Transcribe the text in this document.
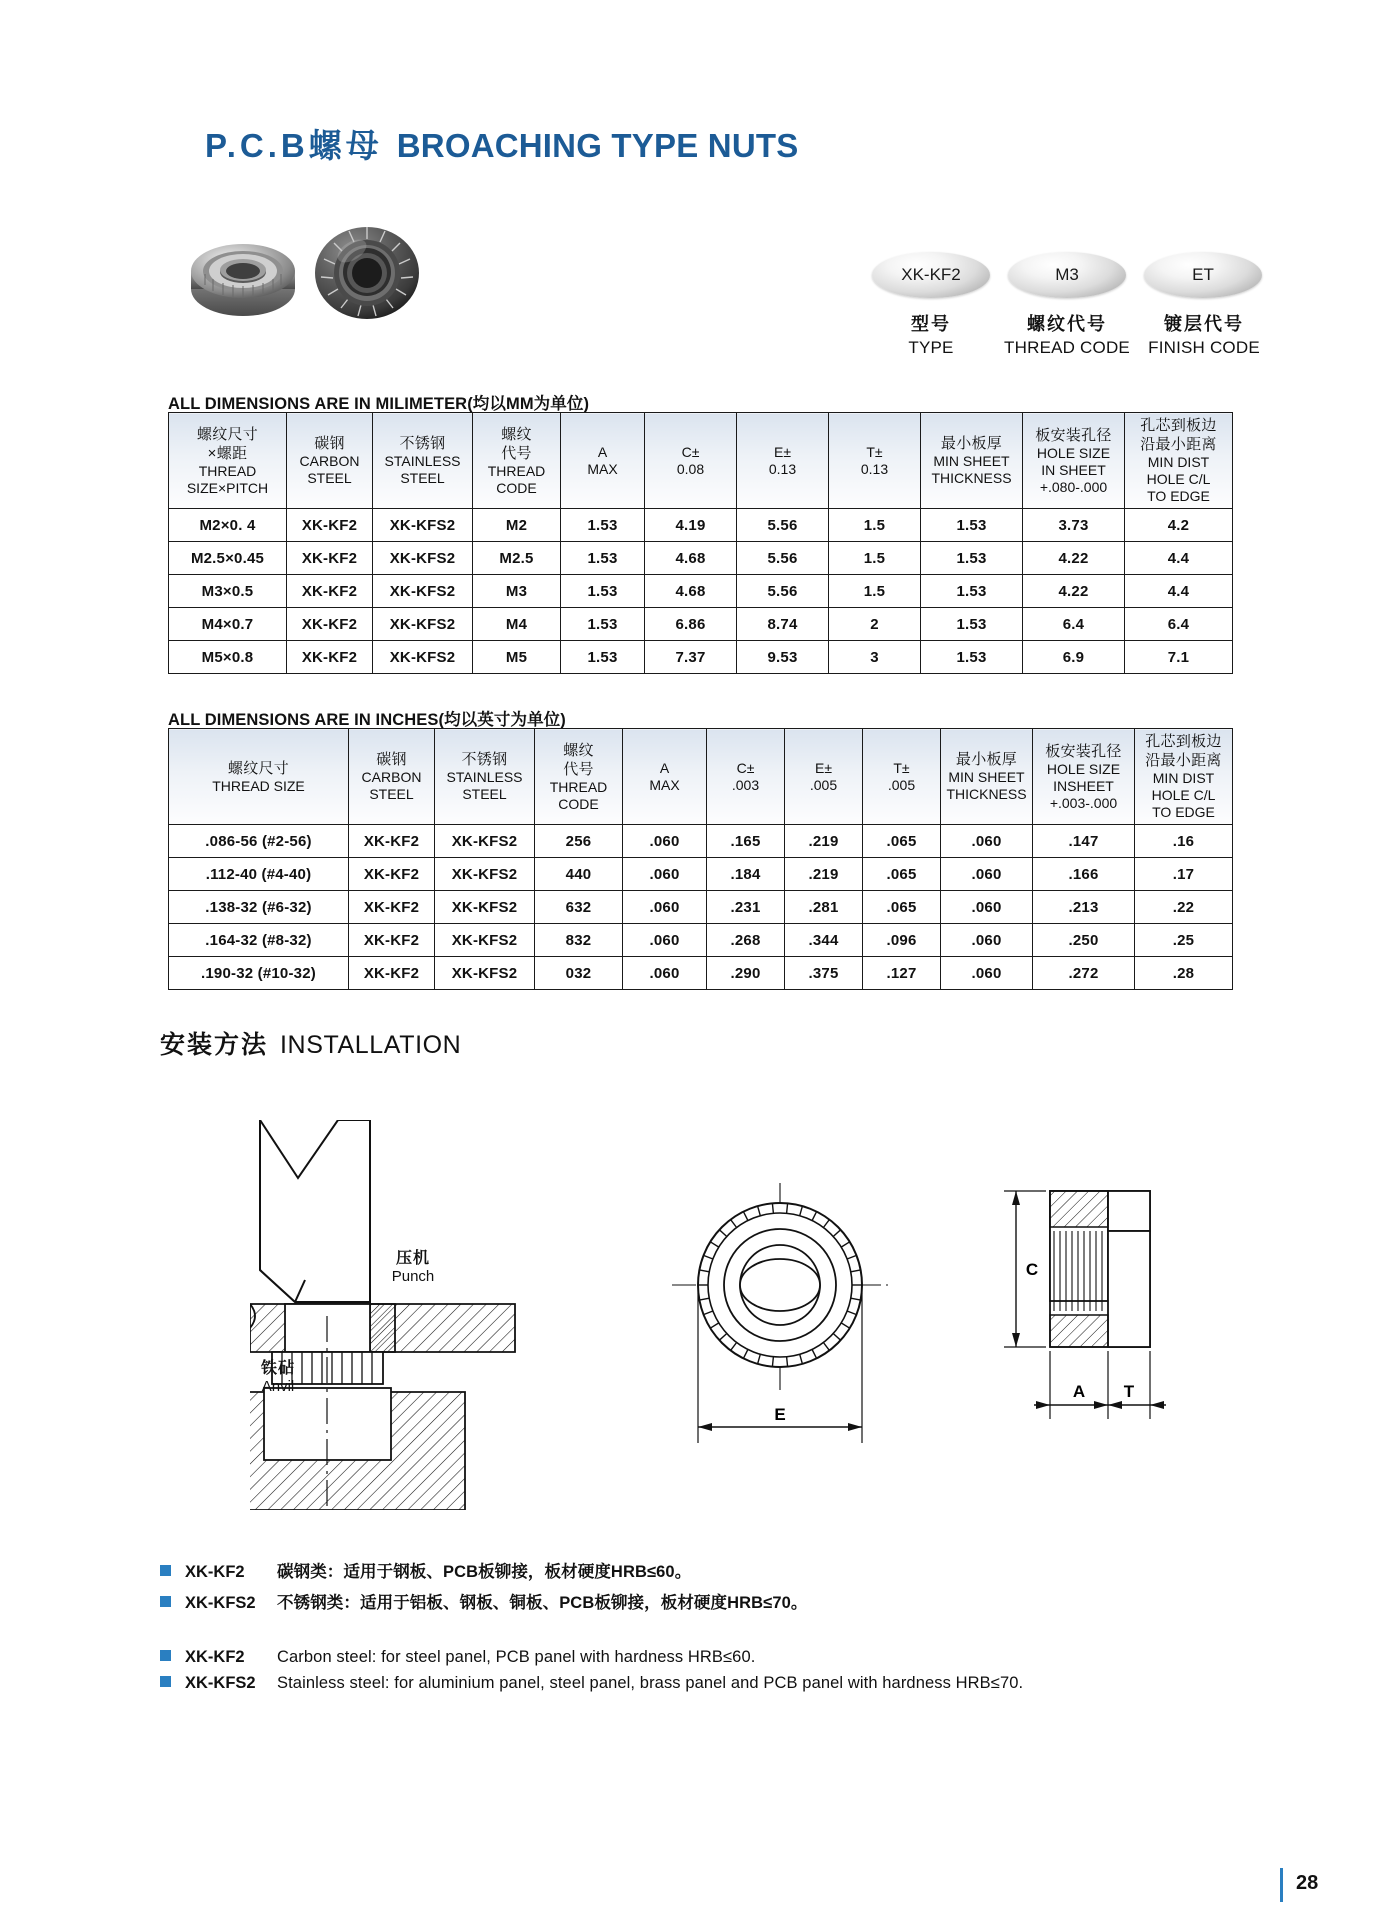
P.C.B螺母 BROACHING TYPE NUTS
XK-KF2	M3	ET
型号
TYPE
螺纹代号
THREAD CODE
镀层代号
FINISH CODE
ALL DIMENSIONS ARE IN MILIMETER(均以MM为单位)
螺纹尺寸
×螺距
THREAD
SIZE×PITCH	碳钢
CARBON
STEEL	不锈钢
STAINLESS
STEEL	螺纹
代号
THREAD
CODE	A
MAX	C±
0.08	E±
0.13	T±
0.13	最小板厚
MIN SHEET
THICKNESS	板安装孔径
HOLE SIZE
IN SHEET
+.080-.000	孔芯到板边
沿最小距离
MIN DIST
HOLE C/L
TO EDGE

M2×0. 4	XK-KF2	XK-KFS2	M2	1.53	4.19	5.56	1.5	1.53	3.73	4.2
M2.5×0.45	XK-KF2	XK-KFS2	M2.5	1.53	4.68	5.56	1.5	1.53	4.22	4.4
M3×0.5	XK-KF2	XK-KFS2	M3	1.53	4.68	5.56	1.5	1.53	4.22	4.4
M4×0.7	XK-KF2	XK-KFS2	M4	1.53	6.86	8.74	2	1.53	6.4	6.4
M5×0.8	XK-KF2	XK-KFS2	M5	1.53	7.37	9.53	3	1.53	6.9	7.1
ALL DIMENSIONS ARE IN INCHES(均以英寸为单位)
螺纹尺寸
THREAD SIZE	碳钢
CARBON
STEEL	不锈钢
STAINLESS
STEEL	螺纹
代号
THREAD
CODE	A
MAX	C±
.003	E±
.005	T±
.005	最小板厚
MIN SHEET
THICKNESS	板安装孔径
HOLE SIZE
INSHEET
+.003-.000	孔芯到板边
沿最小距离
MIN DIST
HOLE C/L
TO EDGE

.086-56 (#2-56)	XK-KF2	XK-KFS2	256	.060	.165	.219	.065	.060	.147	.16
.112-40 (#4-40)	XK-KF2	XK-KFS2	440	.060	.184	.219	.065	.060	.166	.17
.138-32 (#6-32)	XK-KF2	XK-KFS2	632	.060	.231	.281	.065	.060	.213	.22
.164-32 (#8-32)	XK-KF2	XK-KFS2	832	.060	.268	.344	.096	.060	.250	.25
.190-32 (#10-32)	XK-KF2	XK-KFS2	032	.060	.290	.375	.127	.060	.272	.28
安装方法 INSTALLATION
压机
Punch
铁砧
Anvil
E
C
A T
XK-KF2	碳钢类：适用于钢板、PCB板铆接，板材硬度HRB≤60。
XK-KFS2	不锈钢类：适用于铝板、钢板、铜板、PCB板铆接，板材硬度HRB≤70。
XK-KF2	Carbon steel: for steel panel, PCB panel with hardness HRB≤60.
XK-KFS2	Stainless steel: for aluminium panel, steel panel, brass panel and PCB panel with hardness HRB≤70.
28
